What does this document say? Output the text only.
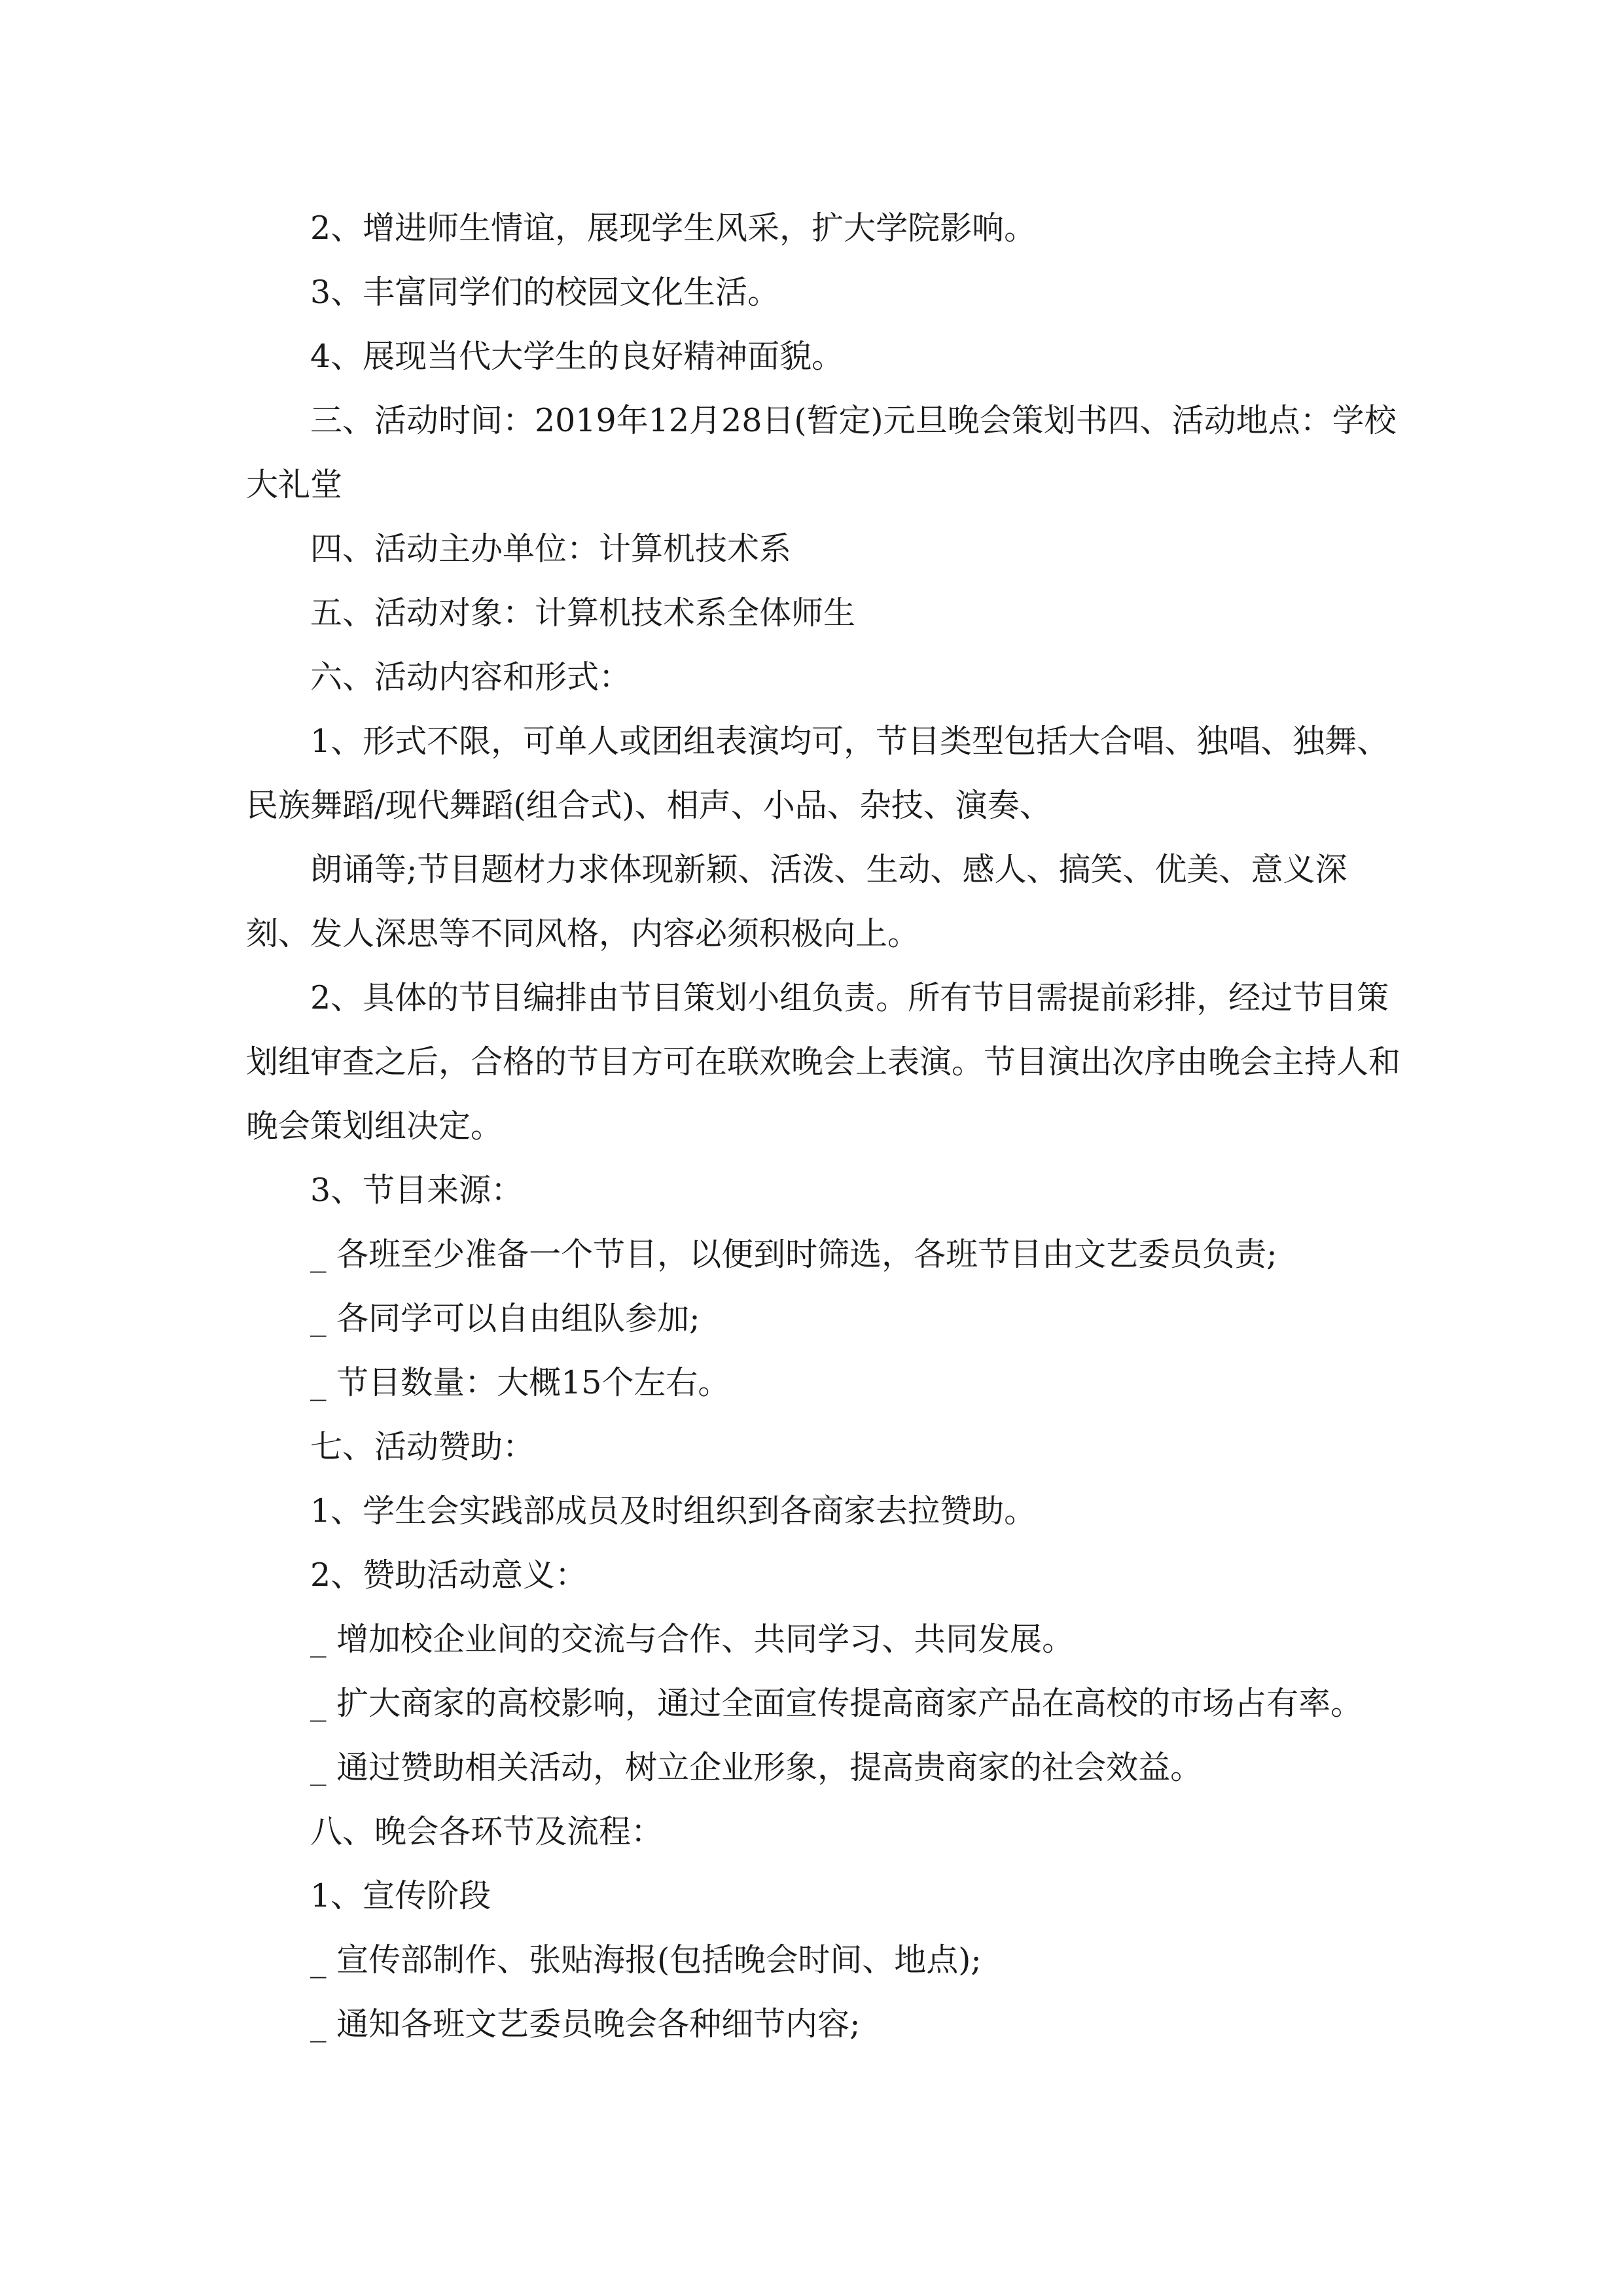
2、增进师生情谊，展现学生风采，扩大学院影响。

3、丰富同学们的校园文化生活。

4、展现当代大学生的良好精神面貌。

三、活动时间：2019年12月28日(暂定)元旦晚会策划书四、活动地点：学校大礼堂

四、活动主办单位：计算机技术系

五、活动对象：计算机技术系全体师生

六、活动内容和形式：

1、形式不限，可单人或团组表演均可，节目类型包括大合唱、独唱、独舞、民族舞蹈/现代舞蹈(组合式)、相声、小品、杂技、演奏、

朗诵等;节目题材力求体现新颖、活泼、生动、感人、搞笑、优美、意义深刻、发人深思等不同风格，内容必须积极向上。

2、具体的节目编排由节目策划小组负责。所有节目需提前彩排，经过节目策划组审查之后，合格的节目方可在联欢晚会上表演。节目演出次序由晚会主持人和晚会策划组决定。

3、节目来源：

_ 各班至少准备一个节目，以便到时筛选，各班节目由文艺委员负责;

_ 各同学可以自由组队参加;

_ 节目数量：大概15个左右。

七、活动赞助：

1、学生会实践部成员及时组织到各商家去拉赞助。

2、赞助活动意义：

_ 增加校企业间的交流与合作、共同学习、共同发展。

_ 扩大商家的高校影响，通过全面宣传提高商家产品在高校的市场占有率。

_ 通过赞助相关活动，树立企业形象，提高贵商家的社会效益。

八、晚会各环节及流程：

1、宣传阶段

_ 宣传部制作、张贴海报(包括晚会时间、地点);

_ 通知各班文艺委员晚会各种细节内容;
